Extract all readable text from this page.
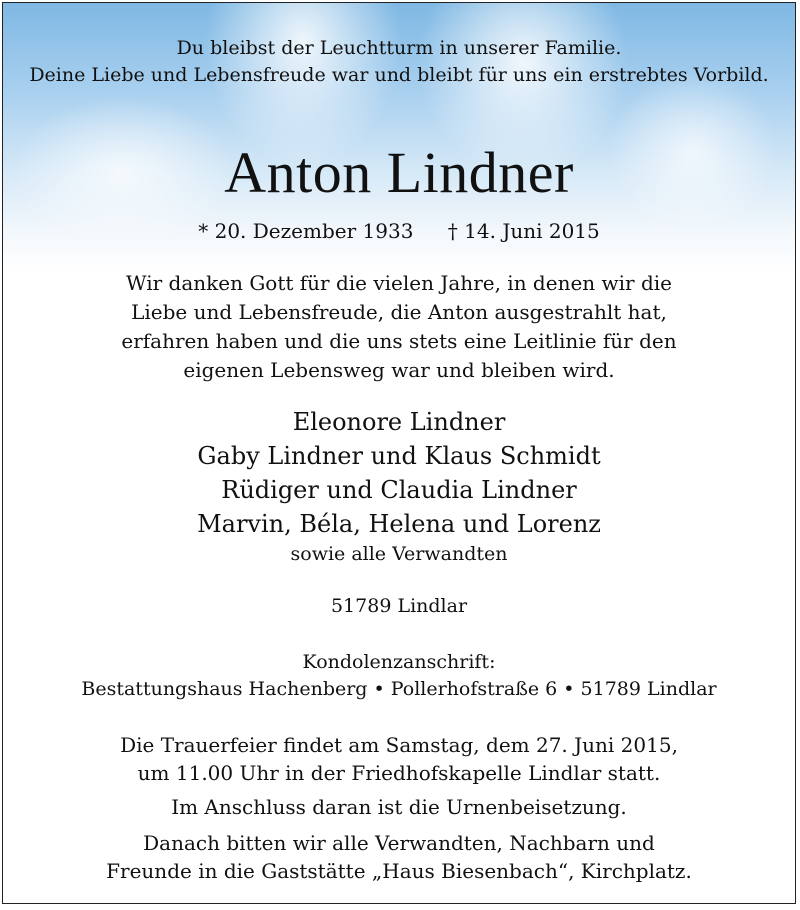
Du bleibst der Leuchtturm in unserer Familie.
Deine Liebe und Lebensfreude war und bleibt für uns ein erstrebtes Vorbild.
Anton Lindner
* 20. Dezember 1933 † 14. Juni 2015
Wir danken Gott für die vielen Jahre, in denen wir die
Liebe und Lebensfreude, die Anton ausgestrahlt hat,
erfahren haben und die uns stets eine Leitlinie für den
eigenen Lebensweg war und bleiben wird.
Eleonore Lindner
Gaby Lindner und Klaus Schmidt
Rüdiger und Claudia Lindner
Marvin, Béla, Helena und Lorenz
sowie alle Verwandten
51789 Lindlar
Kondolenzanschrift:
Bestattungshaus Hachenberg • Pollerhofstraße 6 • 51789 Lindlar
Die Trauerfeier findet am Samstag, dem 27. Juni 2015,
um 11.00 Uhr in der Friedhofskapelle Lindlar statt.
Im Anschluss daran ist die Urnenbeisetzung.
Danach bitten wir alle Verwandten, Nachbarn und
Freunde in die Gaststätte „Haus Biesenbach“, Kirchplatz.
